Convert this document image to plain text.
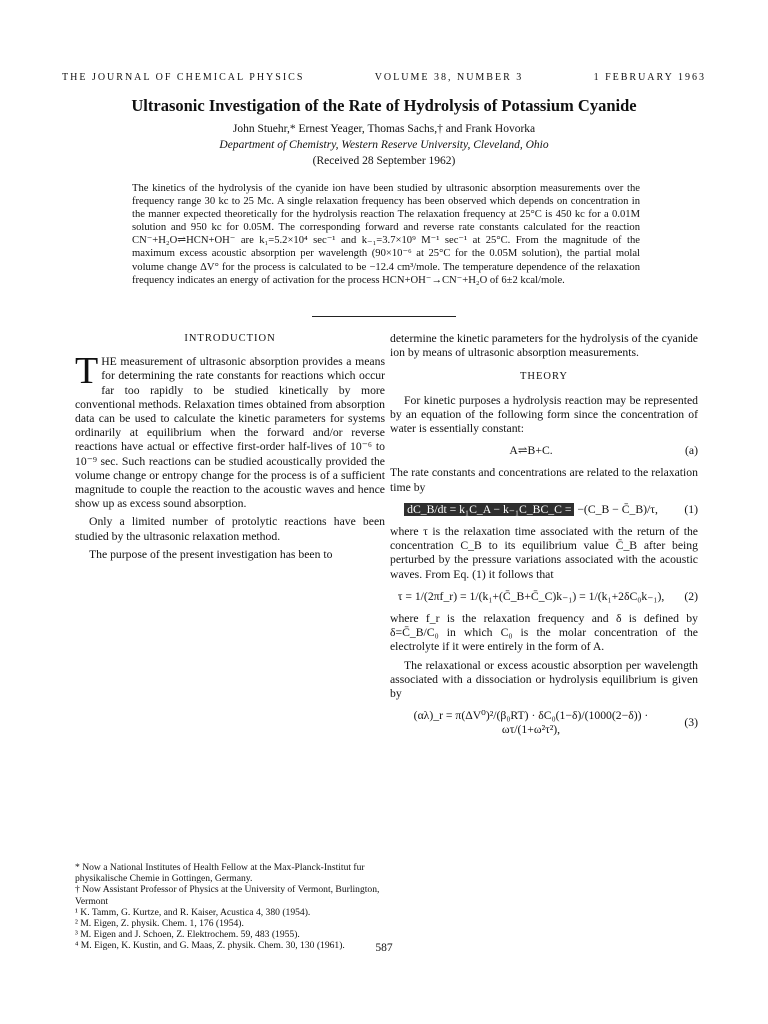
THE JOURNAL OF CHEMICAL PHYSICS	VOLUME 38, NUMBER 3	1 FEBRUARY 1963
Ultrasonic Investigation of the Rate of Hydrolysis of Potassium Cyanide
John Stuehr,* Ernest Yeager, Thomas Sachs,† and Frank Hovorka
Department of Chemistry, Western Reserve University, Cleveland, Ohio
(Received 28 September 1962)
The kinetics of the hydrolysis of the cyanide ion have been studied by ultrasonic absorption measurements over the frequency range 30 kc to 25 Mc. A single relaxation frequency has been observed which depends on concentration in the manner expected theoretically for the hydrolysis reaction The relaxation frequency at 25°C is 450 kc for a 0.01M solution and 950 kc for 0.05M. The corresponding forward and reverse rate constants calculated for the reaction CN⁻+H₂O⇌HCN+OH⁻ are k₁=5.2×10⁴ sec⁻¹ and k₋₁=3.7×10⁹ M⁻¹ sec⁻¹ at 25°C. From the magnitude of the maximum excess acoustic absorption per wavelength (90×10⁻⁶ at 25°C for the 0.05M solution), the partial molal volume change ΔV° for the process is calculated to be −12.4 cm³/mole. The temperature dependence of the relaxation frequency indicates an energy of activation for the process HCN+OH⁻→CN⁻+H₂O of 6±2 kcal/mole.
INTRODUCTION

THE measurement of ultrasonic absorption provides a means for determining the rate constants for reactions which occur far too rapidly to be studied kinetically by more conventional methods. Relaxation times obtained from absorption data can be used to calculate the kinetic parameters for systems ordinarily at equilibrium when the forward and/or reverse reactions have actual or effective first-order half-lives of 10⁻⁶ to 10⁻⁹ sec. Such reactions can be studied acoustically provided the volume change or entropy change for the process is of a sufficient magnitude to couple the reaction to the acoustic waves and hence show up as excess sound absorption.

Only a limited number of protolytic reactions have been studied by the ultrasonic relaxation method.

The purpose of the present investigation has been to

* Now a National Institutes of Health Fellow at the Max-Planck-Institut fur physikalische Chemie in Gottingen, Germany.

† Now Assistant Professor of Physics at the University of Vermont, Burlington, Vermont

¹ K. Tamm, G. Kurtze, and R. Kaiser, Acustica 4, 380 (1954).

² M. Eigen, Z. physik. Chem. 1, 176 (1954).

³ M. Eigen and J. Schoen, Z. Elektrochem. 59, 483 (1955).

⁴ M. Eigen, K. Kustin, and G. Maas, Z. physik. Chem. 30, 130 (1961).

determine the kinetic parameters for the hydrolysis of the cyanide ion by means of ultrasonic absorption measurements.

THEORY

For kinetic purposes a hydrolysis reaction may be represented by an equation of the following form since the concentration of water is essentially constant:

A⇌B+C.	(a)

The rate constants and concentrations are related to the relaxation time by

dC_B/dt = k₁C_A − k₋₁C_BC_C = −(C_B − C̄_B)/τ,	(1)

where τ is the relaxation time associated with the return of the concentration C_B to its equilibrium value C̄_B after being perturbed by the pressure variations associated with the acoustic waves. From Eq. (1) it follows that

τ = 1/(2πf_r) = 1/(k₁+(C̄_B+C̄_C)k₋₁) = 1/(k₁+2δC₀k₋₁),	(2)

where f_r is the relaxation frequency and δ is defined by δ=C̄_B/C₀ in which C₀ is the molar concentration of the electrolyte if it were entirely in the form of A.

The relaxational or excess acoustic absorption per wavelength associated with a dissociation or hydrolysis equilibrium is given by

(αλ)_r = π(ΔV⁰)²/(β₀RT) · δC₀(1−δ)/(1000(2−δ)) · ωτ/(1+ω²τ²),
(3)
587
